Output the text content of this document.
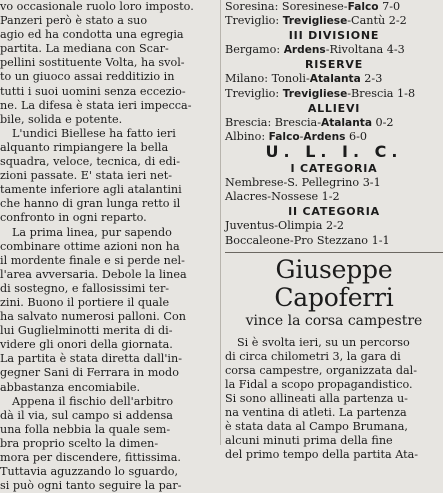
vo occasionale ruolo loro imposto.
Panzeri però è stato a suo
agio ed ha condotta una egregia
partita. La mediana con Scar-
pellini sostituente Volta, ha svol-
to un giuoco assai redditizio in
tutti i suoi uomini senza ecceziо-
ne. La difesa è stata ieri impecca-
bile, solida e potente.
L'undici Biellese ha fatto ieri
alquanto rimpiangere la bella
squadra, veloce, tecnica, di edi-
zioni passate. E' stata ieri net-
tamente inferiore agli atalantini
che hanno di gran lunga retto il
confronto in ogni reparto.
La prima linea, pur sapendo
combinare ottime azioni non ha
il mordente finale e si perde nel-
l'area avversaria. Debole la linea
di sostegno, e fallosissimi ter-
zini. Buono il portiere il quale
ha salvato numerosi palloni. Con
lui Guglielminotti merita di di-
videre gli onori della giornata.
La partita è stata diretta dall'in-
gegner Sani di Ferrara in modo
abbastanza encomiabile.
Appena il fischio dell'arbitro
dà il via, sul campo si addensa
una folla nebbia la quale sem-
bra proprio scelto la dimen-
mora per discendere, fittissima.
Tuttavia aguzzando lo sguardo,
si può ogni tanto seguire la par-
Soresina: Soresinese-Falco 7-0
Treviglio: Trevigliese-Cantù 2-2
III DIVISIONE
Bergamo: Ardens-Rivoltana 4-3
RISERVE
Milano: Tonoli-Atalanta 2-3
Treviglio: Trevigliese-Brescia 1-8
ALLIEVI
Brescia: Brescia-Atalanta 0-2
Albino: Falco-Ardens 6-0
U. L. I. C.
I CATEGORIA
Nembrese-S. Pellegrino 3-1
Alacres-Nossese 1-2
II CATEGORIA
Juventus-Olimpia 2-2
Boccaleone-Pro Stezzano 1-1
Giuseppe Capoferri
vince la corsa campestre
Si è svolta ieri, su un percorso
di circa chilometri 3, la gara di
corsa campestre, organizzata dal-
la Fidal a scopo propagandistico.
Si sono allineati alla partenza u-
na ventina di atleti. La partenza
è stata data al Campo Brumana,
alcuni minuti prima della fine
del primo tempo della partita Ata-
